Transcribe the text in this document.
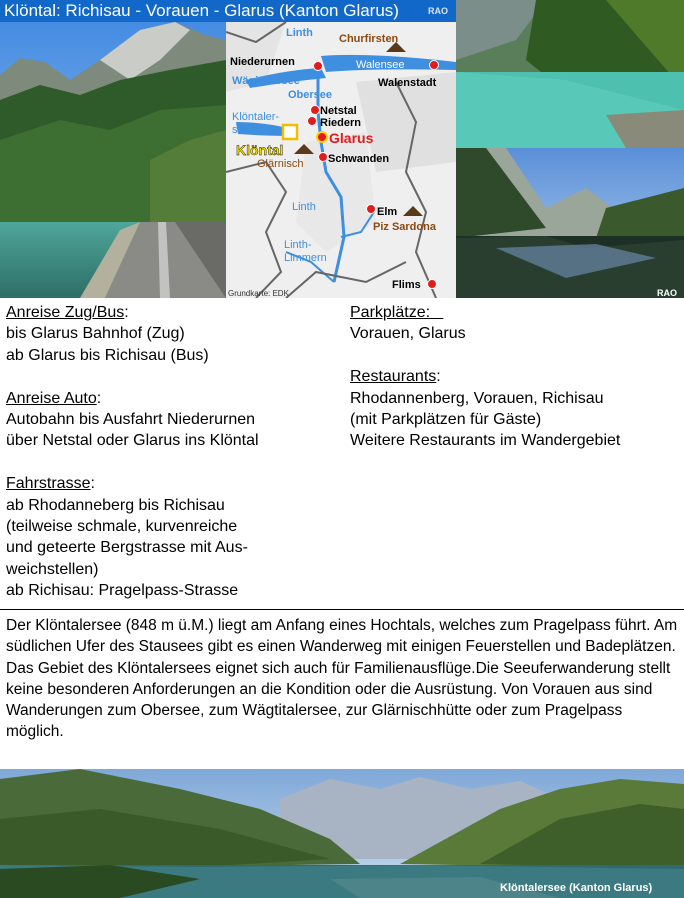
Klöntal: Richisau - Vorauen - Glarus (Kanton Glarus)	RAO
Linth Churfirsten
Niederurnen	Walensee
Walenstadt
Wägitalersee
Obersee
Netstal
Klöntaler-
see
Riedern
Glarus
Klöntal
Glärnisch Schwanden
Linth	Elm
Piz Sardona
Linth-
Limmern
Flims
Grundkarte: EDK	RAO
Anreise Zug/Bus:
bis Glarus Bahnhof (Zug)
ab Glarus bis Richisau (Bus)
Anreise Auto:
Autobahn bis Ausfahrt Niederurnen
über Netstal oder Glarus ins Klöntal
Fahrstrasse:
ab Rhodanneberg bis Richisau
(teilweise schmale, kurvenreiche
und geteerte Bergstrasse mit Aus-
weichstellen)
ab Richisau: Pragelpass-Strasse
Parkplätze:
Vorauen, Glarus
Restaurants:
Rhodannenberg, Vorauen, Richisau
(mit Parkplätzen für Gäste)
Weitere Restaurants im Wandergebiet
Der Klöntalersee (848 m ü.M.) liegt am Anfang eines Hochtals, welches zum Pragelpass führt. Am südlichen Ufer des Stausees gibt es einen Wanderweg mit einigen Feuerstellen und Badeplätzen. Das Gebiet des Klöntalersees eignet sich auch für Familienausflüge.Die Seeuferwanderung stellt keine besonderen Anforderungen an die Kondition oder die Ausrüstung. Von Vorauen aus sind Wanderungen zum Obersee, zum Wägtitalersee, zur Glärnischhütte oder zum Pragelpass möglich.
Klöntalersee (Kanton Glarus)
